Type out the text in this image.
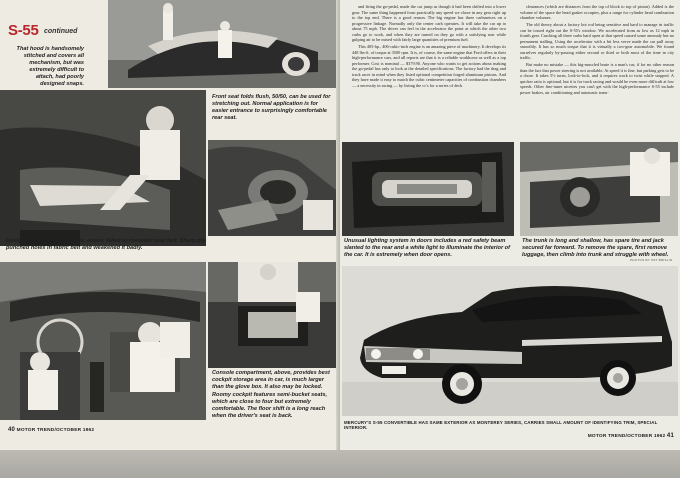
S-55 continued
That hood is handsomely stitched and covers all mechanism, but was extremely difficult to attach, had poorly designed snaps.
Front seat folds flush, 50/50, can be used for stretching out. Normal application is for easier entrance to surprisingly comfortable rear seat.
Design of the back rest slope, above, failed to consider seat belt. Sharp pry punched holes in fabric belt and weakened it badly.
Console compartment, above, provides best cockpit storage area in car, is much larger than the glove box. It also may be locked.
Roomy cockpit features semi-bucket seats, which are close to four but extremely comfortable. The floor shift is a long reach when the driver's seat is back.
40 MOTOR TREND/OCTOBER 1962

and firing the go-pedal, made the car jump as though it had been shifted into a lower gear. The same thing happened from practically any speed we chose in any gear right up to the top end. There is a good reason. The big engine has three carburetors on a progressive linkage. Normally only the center carb operates. It will take the car up to about 75 mph. The driver can feel in the accelerator the point at which the other two carbs go to work, and when they are turned on they go with a satisfying roar while gulping air to be mixed with fairly large quantities of premium fuel.

This 405-hp., 406-cubic-inch engine is an amazing piece of machinery. It develops its 448 lbs-ft. of torque at 3500 rpm. It is, of course, the same engine that Ford offers in their high-performance cars, and all reports are that it is a reliable workhorse as well as a top performer. Cost is nominal — $379.90. Anyone who wants to get actions about making the go-pedal has only to look at the detailed specifications. The factory had the drag and track racer in mind when they listed optional competition forged aluminum pistons. And they have made it easy to match the cubic centimeter capacities of combustion chambers — a necessity in racing — by listing the cc's for a series of deck

clearances (which are distances from the top of block to top of piston). Added is the volume of the space the head gasket occupies, plus a range for cylinder head combustion chamber volumes.

The old theory about a factory hot rod being sensitive and hard to manage in traffic can be tossed right out the S-55's window. We accelerated from as low as 12 mph in fourth gear. Cracking all three carbs hard open at that speed caused some anomaly but no permanent stalling. Using the accelerator with a bit less verve made the car pull away smoothly. It has so much torque that it is virtually a two-gear automobile. We found ourselves regularly by-passing either second or third or both most of the time in city traffic.

But make no mistake — this big-muscled brute is a man's car, if for no other reason than the fact that power steering is not available. At speed it is fine, but parking gets to be a chore. It takes 5½ turns, lock-to-lock, and it requires work to twist while stopped. A quicker ratio is optional, but it is for track racing and would be even more difficult at low speeds. Other fine-tuner niceties you can't get with the high-performance S-55 include power brakes, air conditioning and automatic trans-

Unusual lighting system in doors includes a red safety beam slanted to the rear and a white light to illuminate the interior of the car. It is extremely when door opens.
The trunk is long and shallow, has spare tire and jack secured far forward. To remove the spare, first remove luggage, then climb into trunk and struggle with wheel.
PHOTOS BY PAT BRISLIN
MERCURY'S S-55 CONVERTIBLE HAS SAME EXTERIOR AS MONTEREY SERIES, CARRIES SMALL AMOUNT OF IDENTIFYING TRIM, SPECIAL INTERIOR.
MOTOR TREND/OCTOBER 1962 41
